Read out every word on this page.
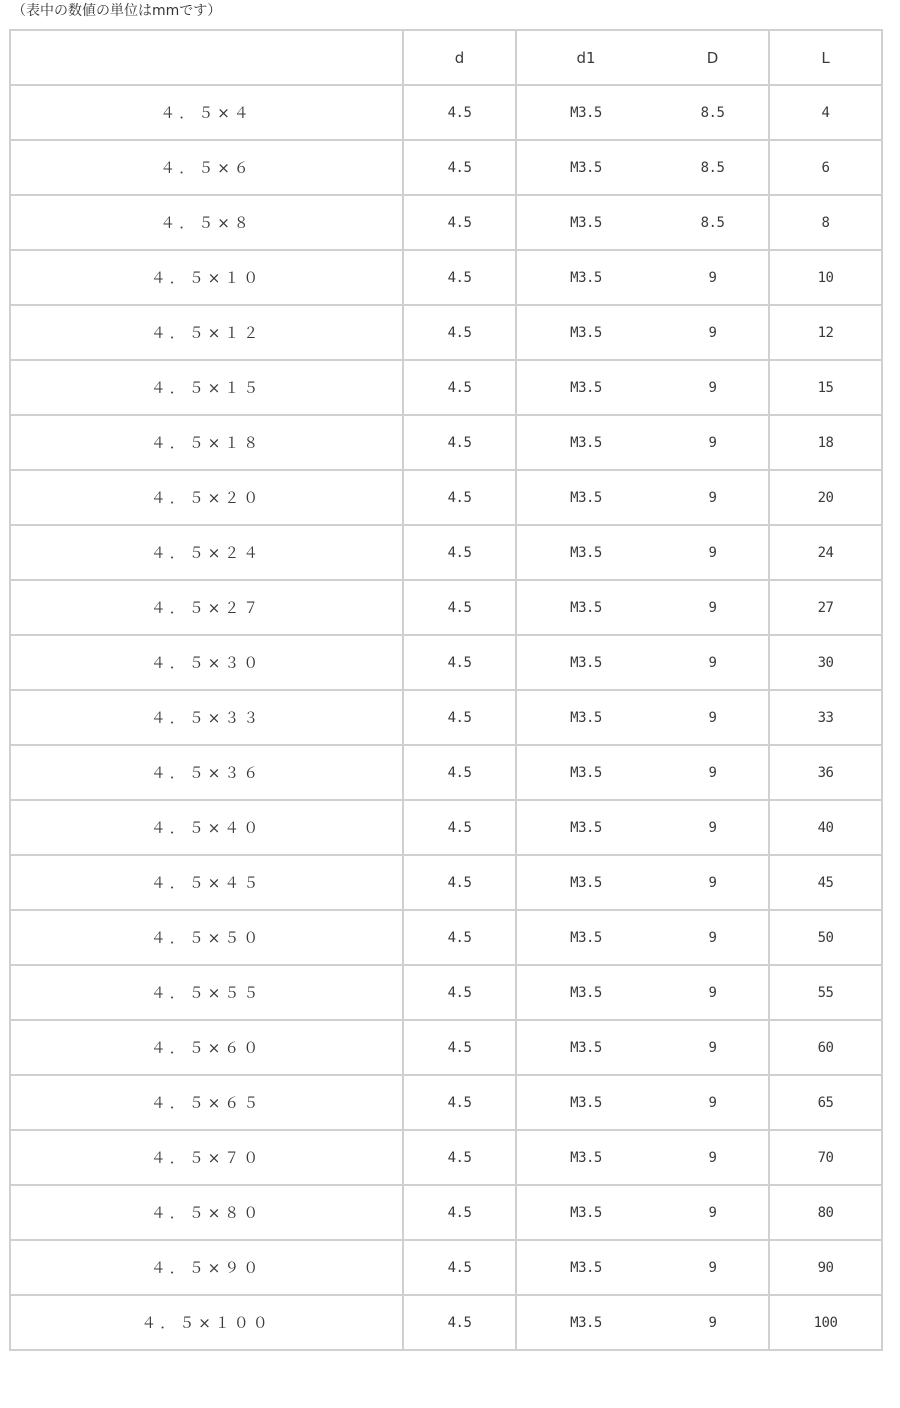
（表中の数値の単位はmmです）
	d	d1	D	L
４．５×４	4.5	M3.5	8.5	4
４．５×６	4.5	M3.5	8.5	6
４．５×８	4.5	M3.5	8.5	8
４．５×１０	4.5	M3.5	9	10
４．５×１２	4.5	M3.5	9	12
４．５×１５	4.5	M3.5	9	15
４．５×１８	4.5	M3.5	9	18
４．５×２０	4.5	M3.5	9	20
４．５×２４	4.5	M3.5	9	24
４．５×２７	4.5	M3.5	9	27
４．５×３０	4.5	M3.5	9	30
４．５×３３	4.5	M3.5	9	33
４．５×３６	4.5	M3.5	9	36
４．５×４０	4.5	M3.5	9	40
４．５×４５	4.5	M3.5	9	45
４．５×５０	4.5	M3.5	9	50
４．５×５５	4.5	M3.5	9	55
４．５×６０	4.5	M3.5	9	60
４．５×６５	4.5	M3.5	9	65
４．５×７０	4.5	M3.5	9	70
４．５×８０	4.5	M3.5	9	80
４．５×９０	4.5	M3.5	9	90
４．５×１００	4.5	M3.5	9	100
